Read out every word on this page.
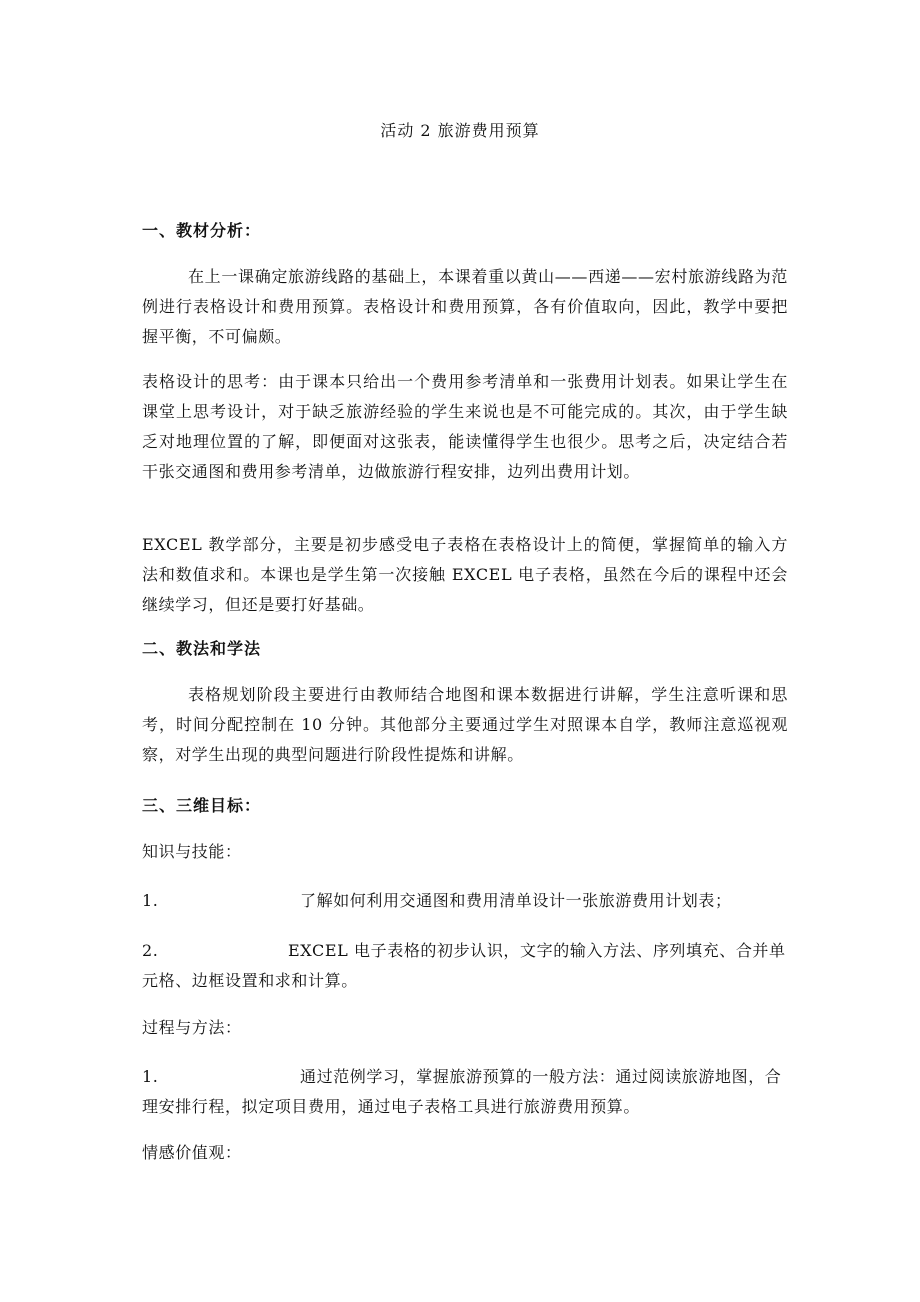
活动 2 旅游费用预算
一、教材分析：
在上一课确定旅游线路的基础上，本课着重以黄山——西递——宏村旅游线路为范例进行表格设计和费用预算。表格设计和费用预算，各有价值取向，因此，教学中要把握平衡，不可偏颇。
表格设计的思考：由于课本只给出一个费用参考清单和一张费用计划表。如果让学生在课堂上思考设计，对于缺乏旅游经验的学生来说也是不可能完成的。其次，由于学生缺乏对地理位置的了解，即便面对这张表，能读懂得学生也很少。思考之后，决定结合若干张交通图和费用参考清单，边做旅游行程安排，边列出费用计划。
EXCEL 教学部分，主要是初步感受电子表格在表格设计上的简便，掌握简单的输入方法和数值求和。本课也是学生第一次接触 EXCEL 电子表格，虽然在今后的课程中还会继续学习，但还是要打好基础。
二、教法和学法
表格规划阶段主要进行由教师结合地图和课本数据进行讲解，学生注意听课和思考，时间分配控制在 10 分钟。其他部分主要通过学生对照课本自学，教师注意巡视观察，对学生出现的典型问题进行阶段性提炼和讲解。
三、三维目标：
知识与技能：
1.	了解如何利用交通图和费用清单设计一张旅游费用计划表；
2.	EXCEL 电子表格的初步认识，文字的输入方法、序列填充、合并单元格、边框设置和求和计算。
过程与方法：
1.	通过范例学习，掌握旅游预算的一般方法：通过阅读旅游地图，合理安排行程，拟定项目费用，通过电子表格工具进行旅游费用预算。
情感价值观：
